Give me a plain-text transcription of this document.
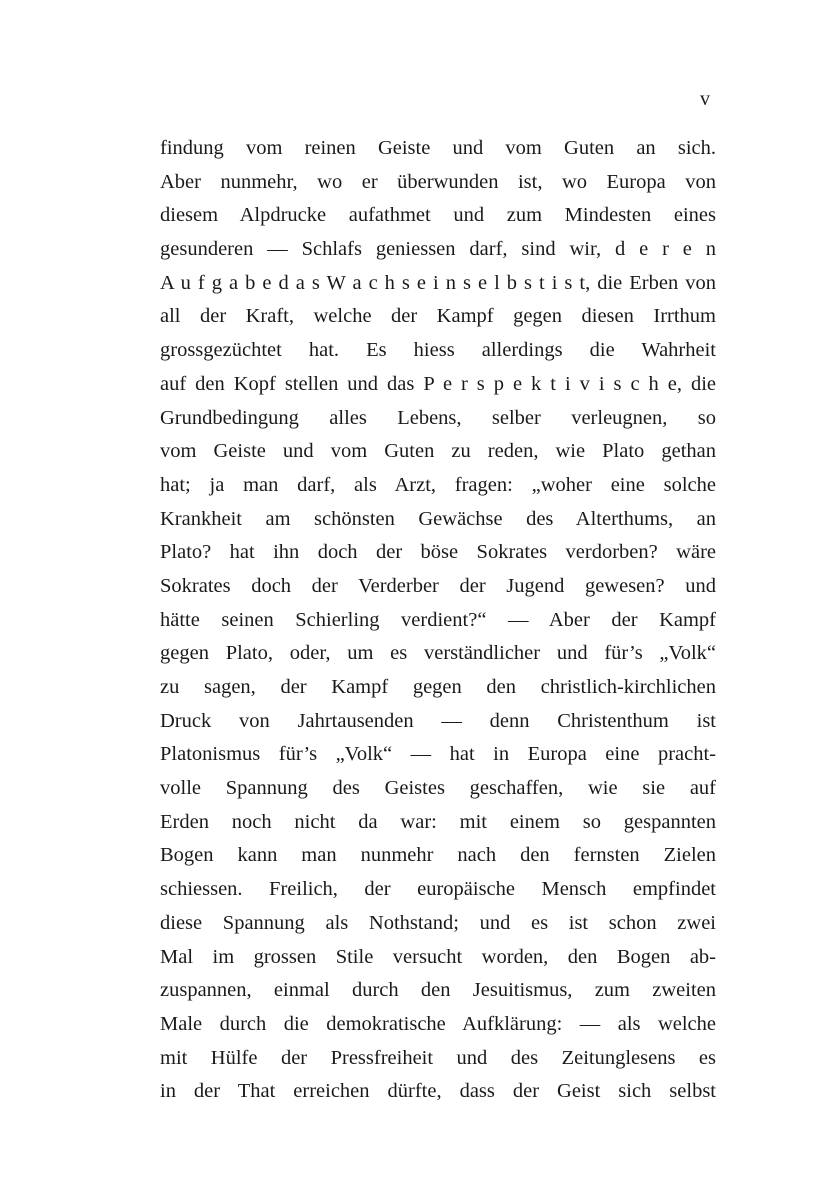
v
findung vom reinen Geiste und vom Guten an sich.
Aber nunmehr, wo er überwunden ist, wo Europa von
diesem Alpdrucke aufathmet und zum Mindesten eines
gesunderen — Schlafs geniessen darf, sind wir, d e r e n
A u f g a b e d a s W a c h s e i n s e l b s t i s t, die Erben von
all der Kraft, welche der Kampf gegen diesen Irrthum
grossgezüchtet hat. Es hiess allerdings die Wahrheit
auf den Kopf stellen und das P e r s p e k t i v i s c h e, die
Grundbedingung alles Lebens, selber verleugnen, so
vom Geiste und vom Guten zu reden, wie Plato gethan
hat; ja man darf, als Arzt, fragen: „woher eine solche
Krankheit am schönsten Gewächse des Alterthums, an
Plato? hat ihn doch der böse Sokrates verdorben? wäre
Sokrates doch der Verderber der Jugend gewesen? und
hätte seinen Schierling verdient?“ — Aber der Kampf
gegen Plato, oder, um es verständlicher und für’s „Volk“
zu sagen, der Kampf gegen den christlich-kirchlichen
Druck von Jahrtausenden — denn Christenthum ist
Platonismus für’s „Volk“ — hat in Europa eine pracht-
volle Spannung des Geistes geschaffen, wie sie auf
Erden noch nicht da war: mit einem so gespannten
Bogen kann man nunmehr nach den fernsten Zielen
schiessen. Freilich, der europäische Mensch empfindet
diese Spannung als Nothstand; und es ist schon zwei
Mal im grossen Stile versucht worden, den Bogen ab-
zuspannen, einmal durch den Jesuitismus, zum zweiten
Male durch die demokratische Aufklärung: — als welche
mit Hülfe der Pressfreiheit und des Zeitunglesens es
in der That erreichen dürfte, dass der Geist sich selbst
